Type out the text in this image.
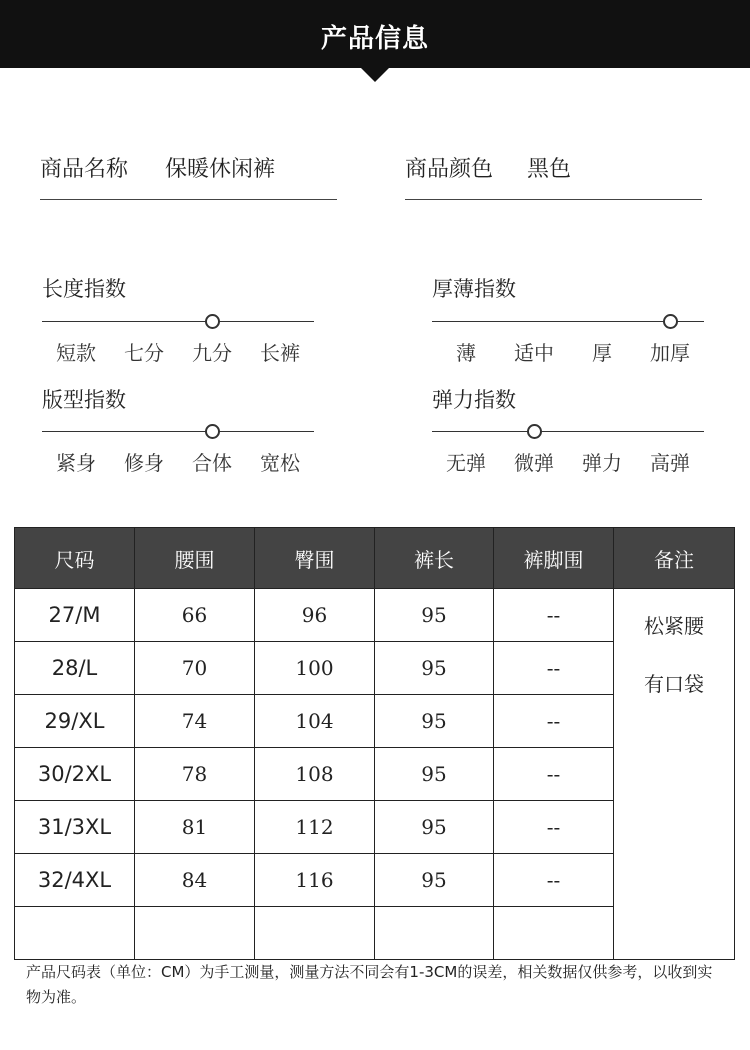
产品信息
商品名称 保暖休闲裤	商品颜色 黑色
长度指数
短款	七分	九分	长裤
厚薄指数
薄	适中	厚	加厚
版型指数
紧身	修身	合体	宽松
弹力指数
无弹	微弹	弹力	高弹
尺码	腰围	臀围	裤长	裤脚围	备注
27/M	66	96	95	--	松紧腰
有口袋

28/L	70	100	95	--	
29/XL	74	104	95	--	
30/2XL	78	108	95	--	
31/3XL	81	112	95	--	
32/4XL	84	116	95	--	

产品尺码表（单位：CM）为手工测量，测量方法不同会有1-3CM的误差，相关数据仅供参考，以收到实物为准。
